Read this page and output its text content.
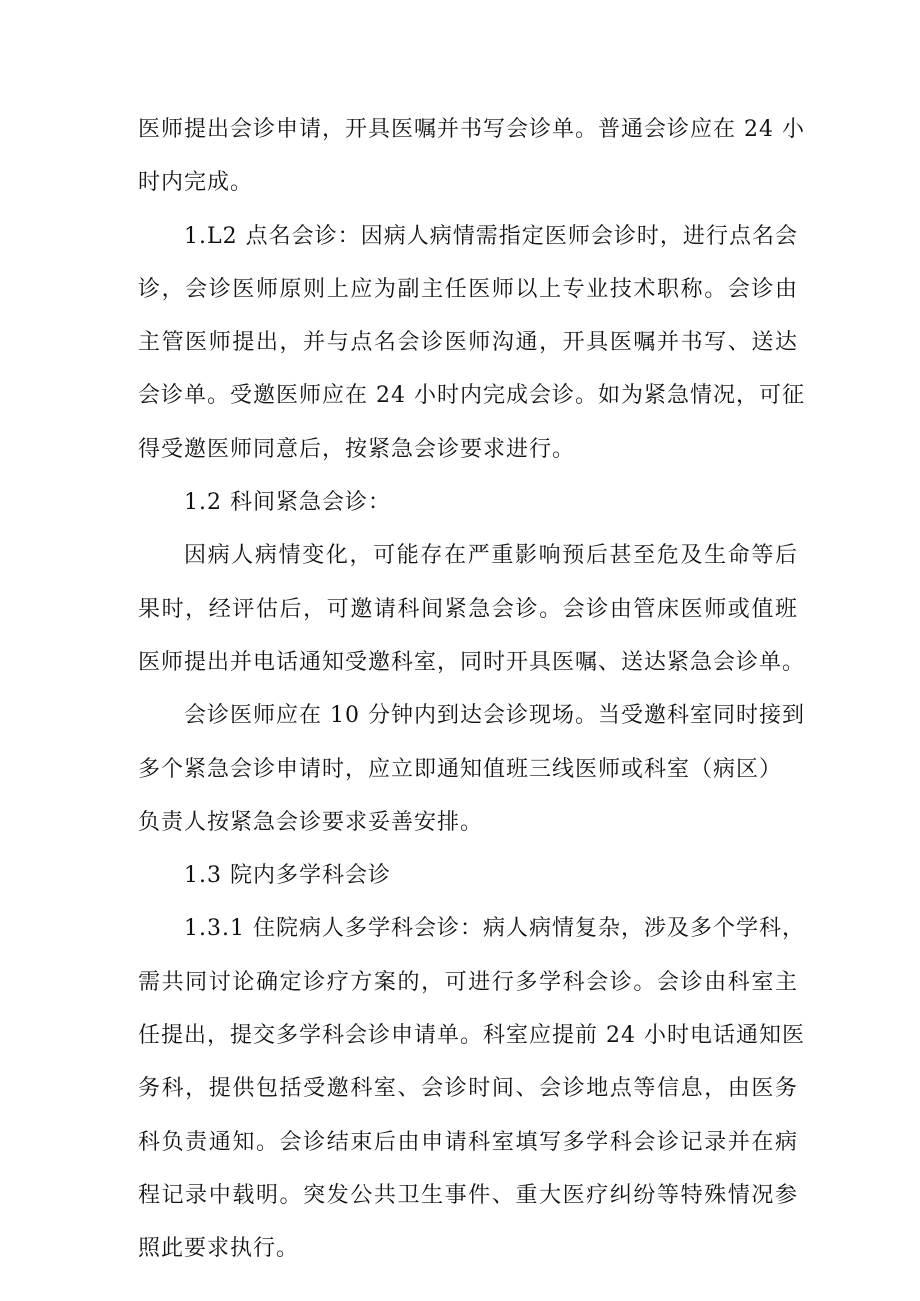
医师提出会诊申请，开具医嘱并书写会诊单。普通会诊应在 24 小
时内完成。
1.L2 点名会诊：因病人病情需指定医师会诊时，进行点名会
诊，会诊医师原则上应为副主任医师以上专业技术职称。会诊由
主管医师提出，并与点名会诊医师沟通，开具医嘱并书写、送达
会诊单。受邀医师应在 24 小时内完成会诊。如为紧急情况，可征
得受邀医师同意后，按紧急会诊要求进行。
1.2 科间紧急会诊：
因病人病情变化，可能存在严重影响预后甚至危及生命等后
果时，经评估后，可邀请科间紧急会诊。会诊由管床医师或值班
医师提出并电话通知受邀科室，同时开具医嘱、送达紧急会诊单。
会诊医师应在 10 分钟内到达会诊现场。当受邀科室同时接到
多个紧急会诊申请时，应立即通知值班三线医师或科室（病区）
负责人按紧急会诊要求妥善安排。
1.3 院内多学科会诊
1.3.1 住院病人多学科会诊：病人病情复杂，涉及多个学科，
需共同讨论确定诊疗方案的，可进行多学科会诊。会诊由科室主
任提出，提交多学科会诊申请单。科室应提前 24 小时电话通知医
务科，提供包括受邀科室、会诊时间、会诊地点等信息，由医务
科负责通知。会诊结束后由申请科室填写多学科会诊记录并在病
程记录中载明。突发公共卫生事件、重大医疗纠纷等特殊情况参
照此要求执行。
